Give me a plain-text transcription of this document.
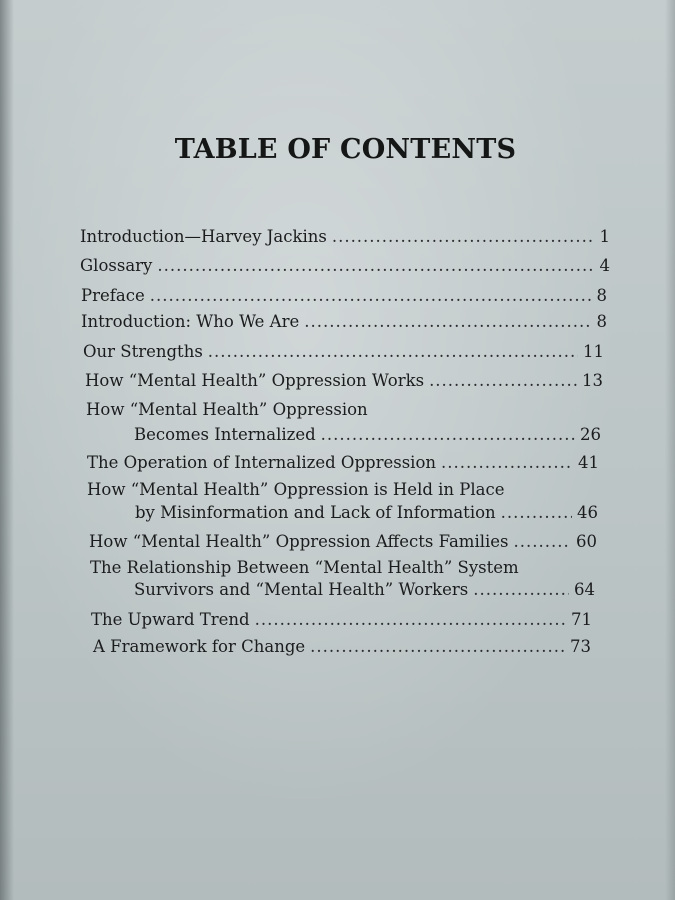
TABLE OF CONTENTS
Introduction—Harvey Jackins .....	1
Glossary .....	4
Preface .....	8
Introduction: Who We Are .....	8
Our Strengths .....	11
How “Mental Health” Oppression Works .....	13
How “Mental Health” Oppression
Becomes Internalized .....	26
The Operation of Internalized Oppression .....	41
How “Mental Health” Oppression is Held in Place
by Misinformation and Lack of Information .....	46
How “Mental Health” Oppression Affects Families .....	60
The Relationship Between “Mental Health” System
Survivors and “Mental Health” Workers .....	64
The Upward Trend .....	71
A Framework for Change .....	73
